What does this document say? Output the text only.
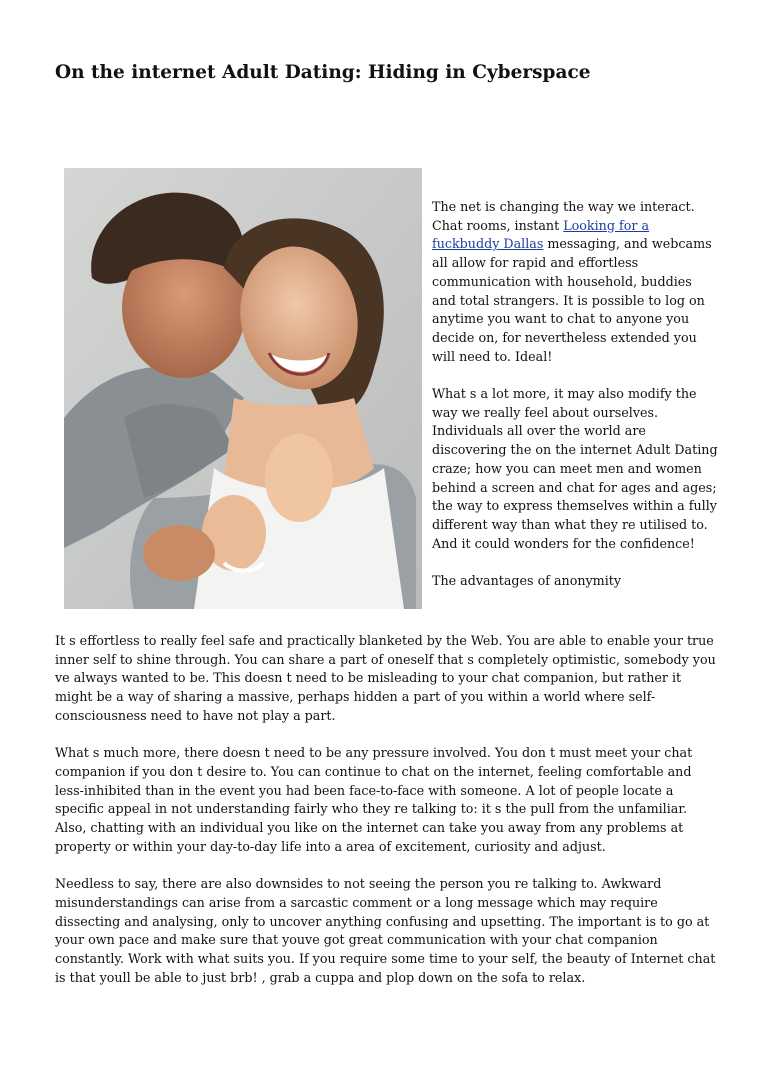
On the internet Adult Dating: Hiding in Cyberspace

The net is changing the way we interact. Chat rooms, instant Looking for a fuckbuddy Dallas messaging, and webcams all allow for rapid and effortless communication with household, buddies and total strangers. It is possible to log on anytime you want to chat to anyone you decide on, for nevertheless extended you will need to. Ideal!

What s a lot more, it may also modify the way we really feel about ourselves. Individuals all over the world are discovering the on the internet Adult Dating craze; how you can meet men and women behind a screen and chat for ages and ages; the way to express themselves within a fully different way than what they re utilised to. And it could wonders for the confidence!

The advantages of anonymity

It s effortless to really feel safe and practically blanketed by the Web. You are able to enable your true inner self to shine through. You can share a part of oneself that s completely optimistic, somebody you ve always wanted to be. This doesn t need to be misleading to your chat companion, but rather it might be a way of sharing a massive, perhaps hidden a part of you within a world where self-consciousness need to have not play a part.

What s much more, there doesn t need to be any pressure involved. You don t must meet your chat companion if you don t desire to. You can continue to chat on the internet, feeling comfortable and less-inhibited than in the event you had been face-to-face with someone. A lot of people locate a specific appeal in not understanding fairly who they re talking to: it s the pull from the unfamiliar. Also, chatting with an individual you like on the internet can take you away from any problems at property or within your day-to-day life into a area of excitement, curiosity and adjust.

Needless to say, there are also downsides to not seeing the person you re talking to. Awkward misunderstandings can arise from a sarcastic comment or a long message which may require dissecting and analysing, only to uncover anything confusing and upsetting. The important is to go at your own pace and make sure that youve got great communication with your chat companion constantly. Work with what suits you. If you require some time to your self, the beauty of Internet chat is that youll be able to just brb! , grab a cuppa and plop down on the sofa to relax.
